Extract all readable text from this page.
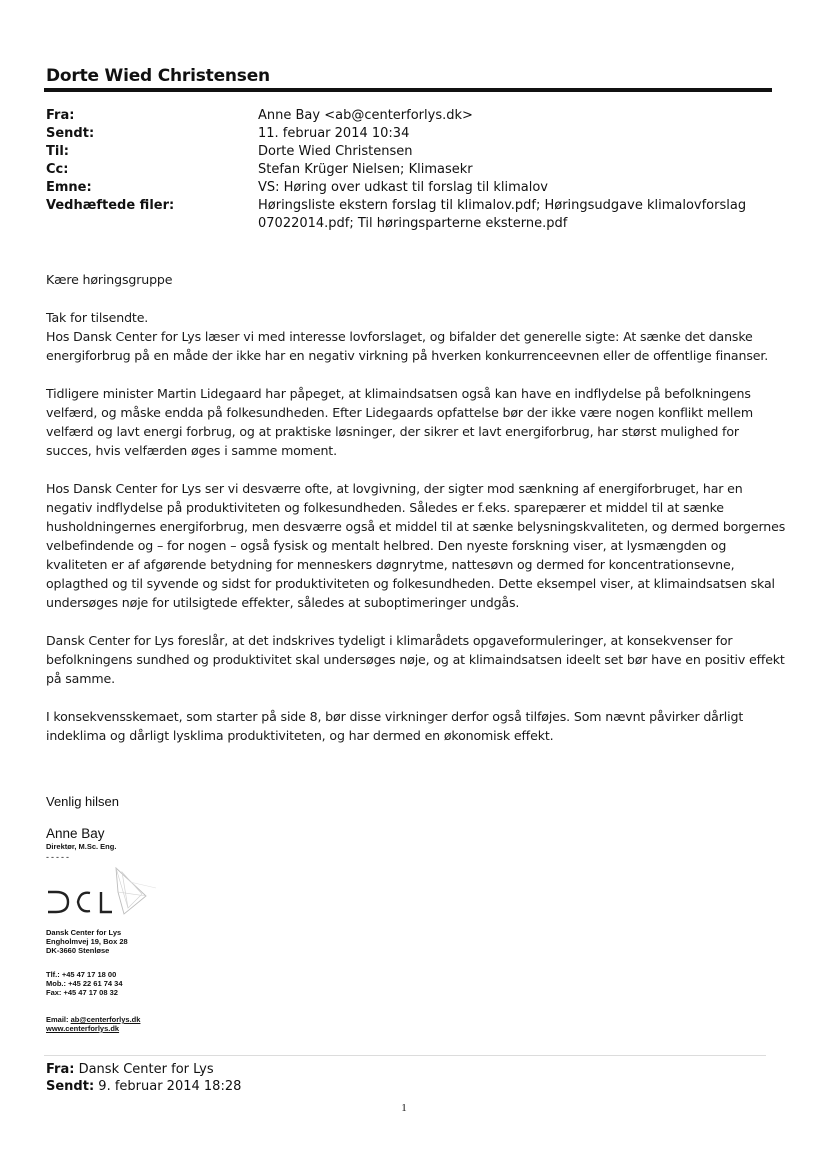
Dorte Wied Christensen
Fra:	Anne Bay <ab@centerforlys.dk>
Sendt:	11. februar 2014 10:34
Til:	Dorte Wied Christensen
Cc:	Stefan Krüger Nielsen; Klimasekr
Emne:	VS: Høring over udkast til forslag til klimalov
Vedhæftede filer:	Høringsliste ekstern forslag til klimalov.pdf; Høringsudgave klimalovforslag 07022014.pdf; Til høringsparterne eksterne.pdf

Kære høringsgruppe

Tak for tilsendte.

Hos Dansk Center for Lys læser vi med interesse lovforslaget, og bifalder det generelle sigte: At sænke det danske energiforbrug på en måde der ikke har en negativ virkning på hverken konkurrenceevnen eller de offentlige finanser.

Tidligere minister Martin Lidegaard har påpeget, at klimaindsatsen også kan have en indflydelse på befolkningens velfærd, og måske endda på folkesundheden. Efter Lidegaards opfattelse bør der ikke være nogen konflikt mellem velfærd og lavt energi forbrug, og at praktiske løsninger, der sikrer et lavt energiforbrug, har størst mulighed for succes, hvis velfærden øges i samme moment.

Hos Dansk Center for Lys ser vi desværre ofte, at lovgivning, der sigter mod sænkning af energiforbruget, har en negativ indflydelse på produktiviteten og folkesundheden. Således er f.eks. sparepærer et middel til at sænke husholdningernes energiforbrug, men desværre også et middel til at sænke belysningskvaliteten, og dermed borgernes velbefindende og – for nogen – også fysisk og mentalt helbred. Den nyeste forskning viser, at lysmængden og kvaliteten er af afgørende betydning for menneskers døgnrytme, nattesøvn og dermed for koncentrationsevne, oplagthed og til syvende og sidst for produktiviteten og folkesundheden. Dette eksempel viser, at klimaindsatsen skal undersøges nøje for utilsigtede effekter, således at suboptimeringer undgås.

Dansk Center for Lys foreslår, at det indskrives tydeligt i klimarådets opgaveformuleringer, at konsekvenser for befolkningens sundhed og produktivitet skal undersøges nøje, og at klimaindsatsen ideelt set bør have en positiv effekt på samme.

I konsekvensskemaet, som starter på side 8, bør disse virkninger derfor også tilføjes. Som nævnt påvirker dårligt indeklima og dårligt lysklima produktiviteten, og har dermed en økonomisk effekt.

Venlig hilsen

Anne Bay

Direktør, M.Sc. Eng.
-----
Dansk Center for Lys
Engholmvej 19, Box 28
DK-3660 Stenløse
Tlf.: +45 47 17 18 00
Mob.: +45 22 61 74 34
Fax: +45 47 17 08 32
Email: ab@centerforlys.dk
www.centerforlys.dk
Fra: Dansk Center for Lys
Sendt: 9. februar 2014 18:28
1
